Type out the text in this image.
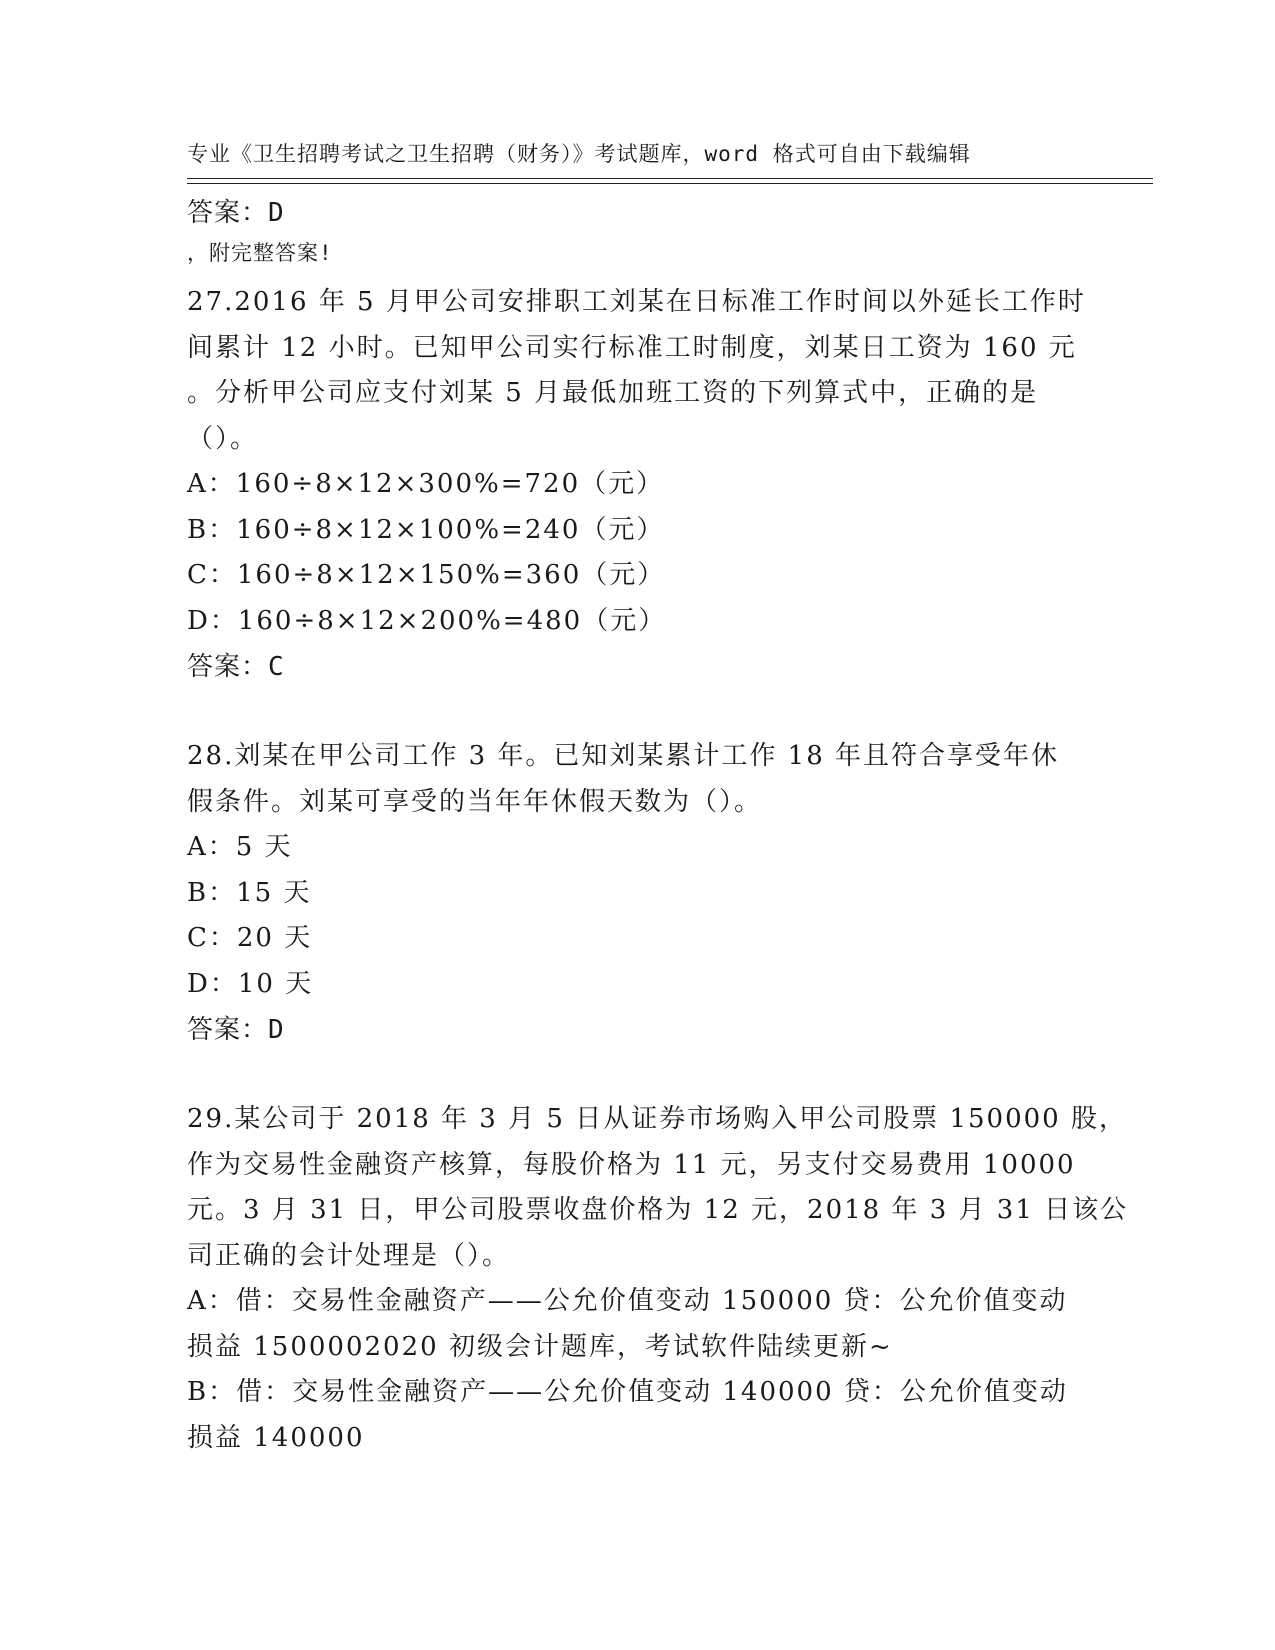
专业《卫生招聘考试之卫生招聘（财务）》考试题库，word 格式可自由下载编辑

，附完整答案!

答案：D
27.2016 年 5 月甲公司安排职工刘某在日标准工作时间以外延长工作时
间累计 12 小时。已知甲公司实行标准工时制度，刘某日工资为 160 元
。分析甲公司应支付刘某 5 月最低加班工资的下列算式中，正确的是
（）。
A：160÷8×12×300%=720（元）
B：160÷8×12×100%=240（元）
C：160÷8×12×150%=360（元）
D：160÷8×12×200%=480（元）
答案：C
28.刘某在甲公司工作 3 年。已知刘某累计工作 18 年且符合享受年休
假条件。刘某可享受的当年年休假天数为（）。
A：5 天
B：15 天
C：20 天
D：10 天
答案：D
29.某公司于 2018 年 3 月 5 日从证券市场购入甲公司股票 150000 股，
作为交易性金融资产核算，每股价格为 11 元，另支付交易费用 10000
元。3 月 31 日，甲公司股票收盘价格为 12 元，2018 年 3 月 31 日该公
司正确的会计处理是（）。
A：借：交易性金融资产——公允价值变动 150000 贷：公允价值变动
损益 1500002020 初级会计题库，考试软件陆续更新~
B：借：交易性金融资产——公允价值变动 140000 贷：公允价值变动
损益 140000
